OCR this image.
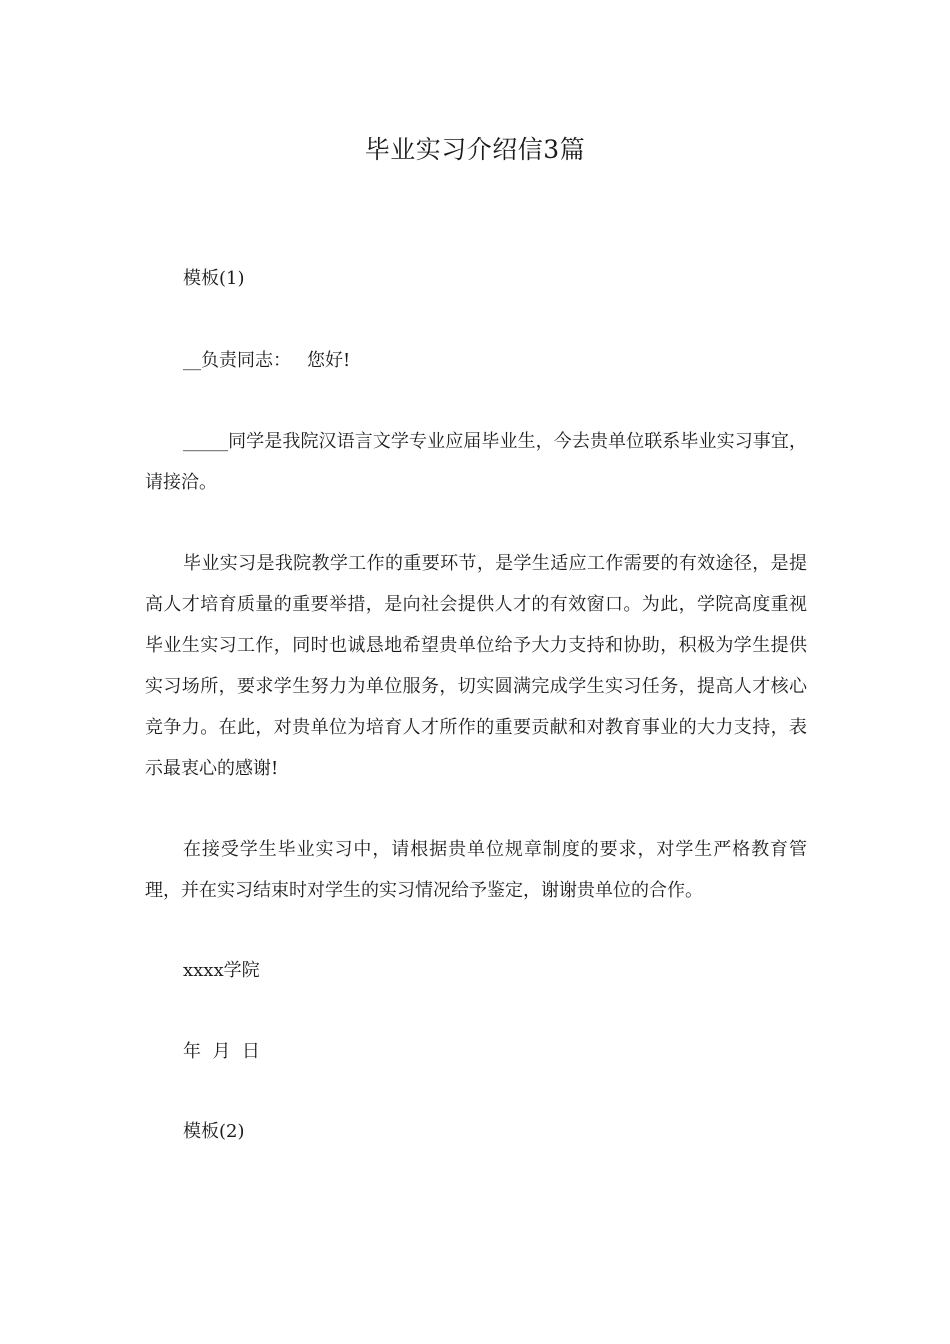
毕业实习介绍信3篇
模板(1)
__负责同志： 您好!
_____同学是我院汉语言文学专业应届毕业生，今去贵单位联系毕业实习事宜，请接洽。
毕业实习是我院教学工作的重要环节，是学生适应工作需要的有效途径，是提高人才培育质量的重要举措，是向社会提供人才的有效窗口。为此，学院高度重视毕业生实习工作，同时也诚恳地希望贵单位给予大力支持和协助，积极为学生提供实习场所，要求学生努力为单位服务，切实圆满完成学生实习任务，提高人才核心竞争力。在此，对贵单位为培育人才所作的重要贡献和对教育事业的大力支持，表示最衷心的感谢!
在接受学生毕业实习中，请根据贵单位规章制度的要求，对学生严格教育管理，并在实习结束时对学生的实习情况给予鉴定，谢谢贵单位的合作。
xxxx学院
年  月  日
模板(2)
